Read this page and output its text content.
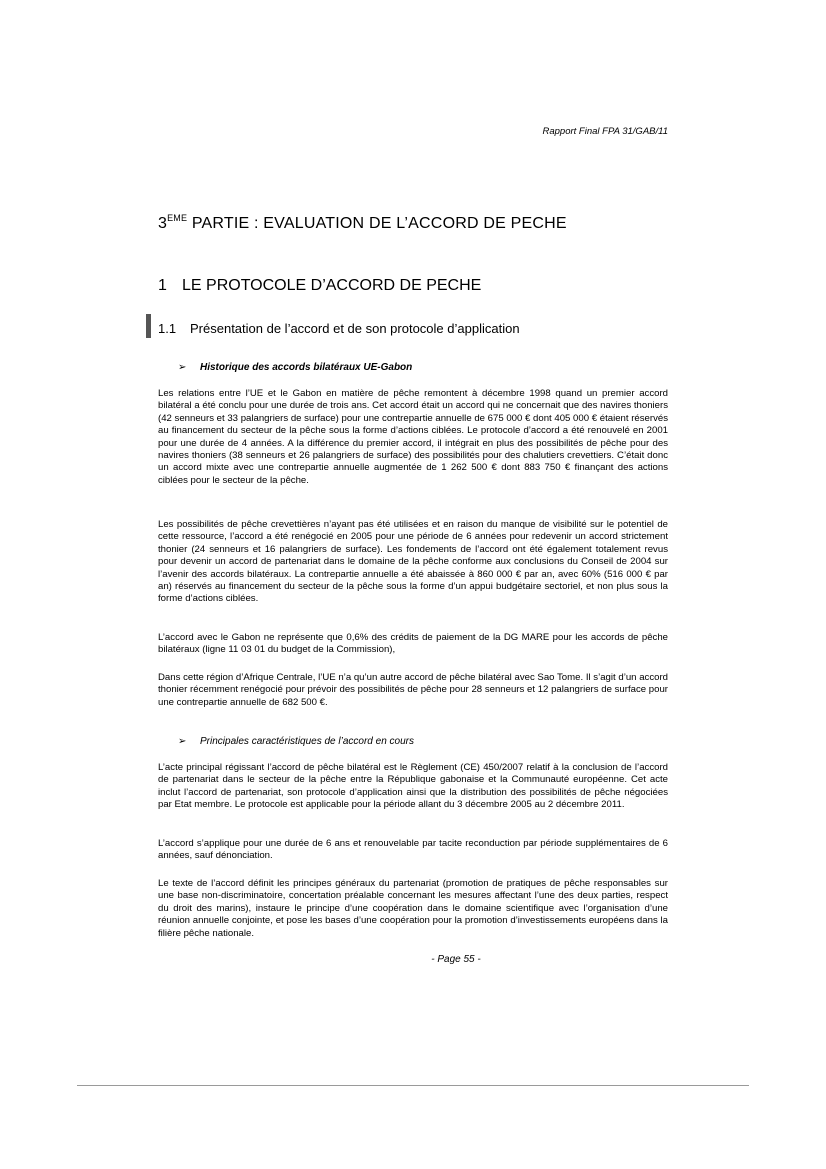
Rapport Final FPA 31/GAB/11

3EME PARTIE : EVALUATION DE L’ACCORD DE PECHE
1 LE PROTOCOLE D’ACCORD DE PECHE
1.1 Présentation de l’accord et de son protocole d’application

➢ Historique des accords bilatéraux UE-Gabon

Les relations entre l’UE et le Gabon en matière de pêche remontent à décembre 1998 quand un premier accord bilatéral a été conclu pour une durée de trois ans. Cet accord était un accord qui ne concernait que des navires thoniers (42 senneurs et 33 palangriers de surface) pour une contrepartie annuelle de 675 000 € dont 405 000 € étaient réservés au financement du secteur de la pêche sous la forme d’actions ciblées. Le protocole d’accord a été renouvelé en 2001 pour une durée de 4 années. A la différence du premier accord, il intégrait en plus des possibilités de pêche pour des navires thoniers (38 senneurs et 26 palangriers de surface) des possibilités pour des chalutiers crevettiers. C’était donc un accord mixte avec une contrepartie annuelle augmentée de 1 262 500 € dont 883 750 € finançant des actions ciblées pour le secteur de la pêche.

Les possibilités de pêche crevettières n’ayant pas été utilisées et en raison du manque de visibilité sur le potentiel de cette ressource, l’accord a été renégocié en 2005 pour une période de 6 années pour redevenir un accord strictement thonier (24 senneurs et 16 palangriers de surface). Les fondements de l’accord ont été également totalement revus pour devenir un accord de partenariat dans le domaine de la pêche conforme aux conclusions du Conseil de 2004 sur l’avenir des accords bilatéraux. La contrepartie annuelle a été abaissée à 860 000 € par an, avec 60% (516 000 € par an) réservés au financement du secteur de la pêche sous la forme d’un appui budgétaire sectoriel, et non plus sous la forme d’actions ciblées.

L’accord avec le Gabon ne représente que 0,6% des crédits de paiement de la DG MARE pour les accords de pêche bilatéraux (ligne 11 03 01 du budget de la Commission),

Dans cette région d’Afrique Centrale, l’UE n’a qu’un autre accord de pêche bilatéral avec Sao Tome. Il s’agit d’un accord thonier récemment renégocié pour prévoir des possibilités de pêche pour 28 senneurs et 12 palangriers de surface pour une contrepartie annuelle de 682 500 €.

➢ Principales caractéristiques de l’accord en cours

L’acte principal régissant l’accord de pêche bilatéral est le Règlement (CE) 450/2007 relatif à la conclusion de l’accord de partenariat dans le secteur de la pêche entre la République gabonaise et la Communauté européenne. Cet acte inclut l’accord de partenariat, son protocole d’application ainsi que la distribution des possibilités de pêche négociées par Etat membre. Le protocole est applicable pour la période allant du 3 décembre 2005 au 2 décembre 2011.

L’accord s’applique pour une durée de 6 ans et renouvelable par tacite reconduction par période supplémentaires de 6 années, sauf dénonciation.

Le texte de l’accord définit les principes généraux du partenariat (promotion de pratiques de pêche responsables sur une base non-discriminatoire, concertation préalable concernant les mesures affectant l’une des deux parties, respect du droit des marins), instaure le principe d’une coopération dans le domaine scientifique avec l’organisation d’une réunion annuelle conjointe, et pose les bases d’une coopération pour la promotion d’investissements européens dans la filière pêche nationale.

- Page 55 -
